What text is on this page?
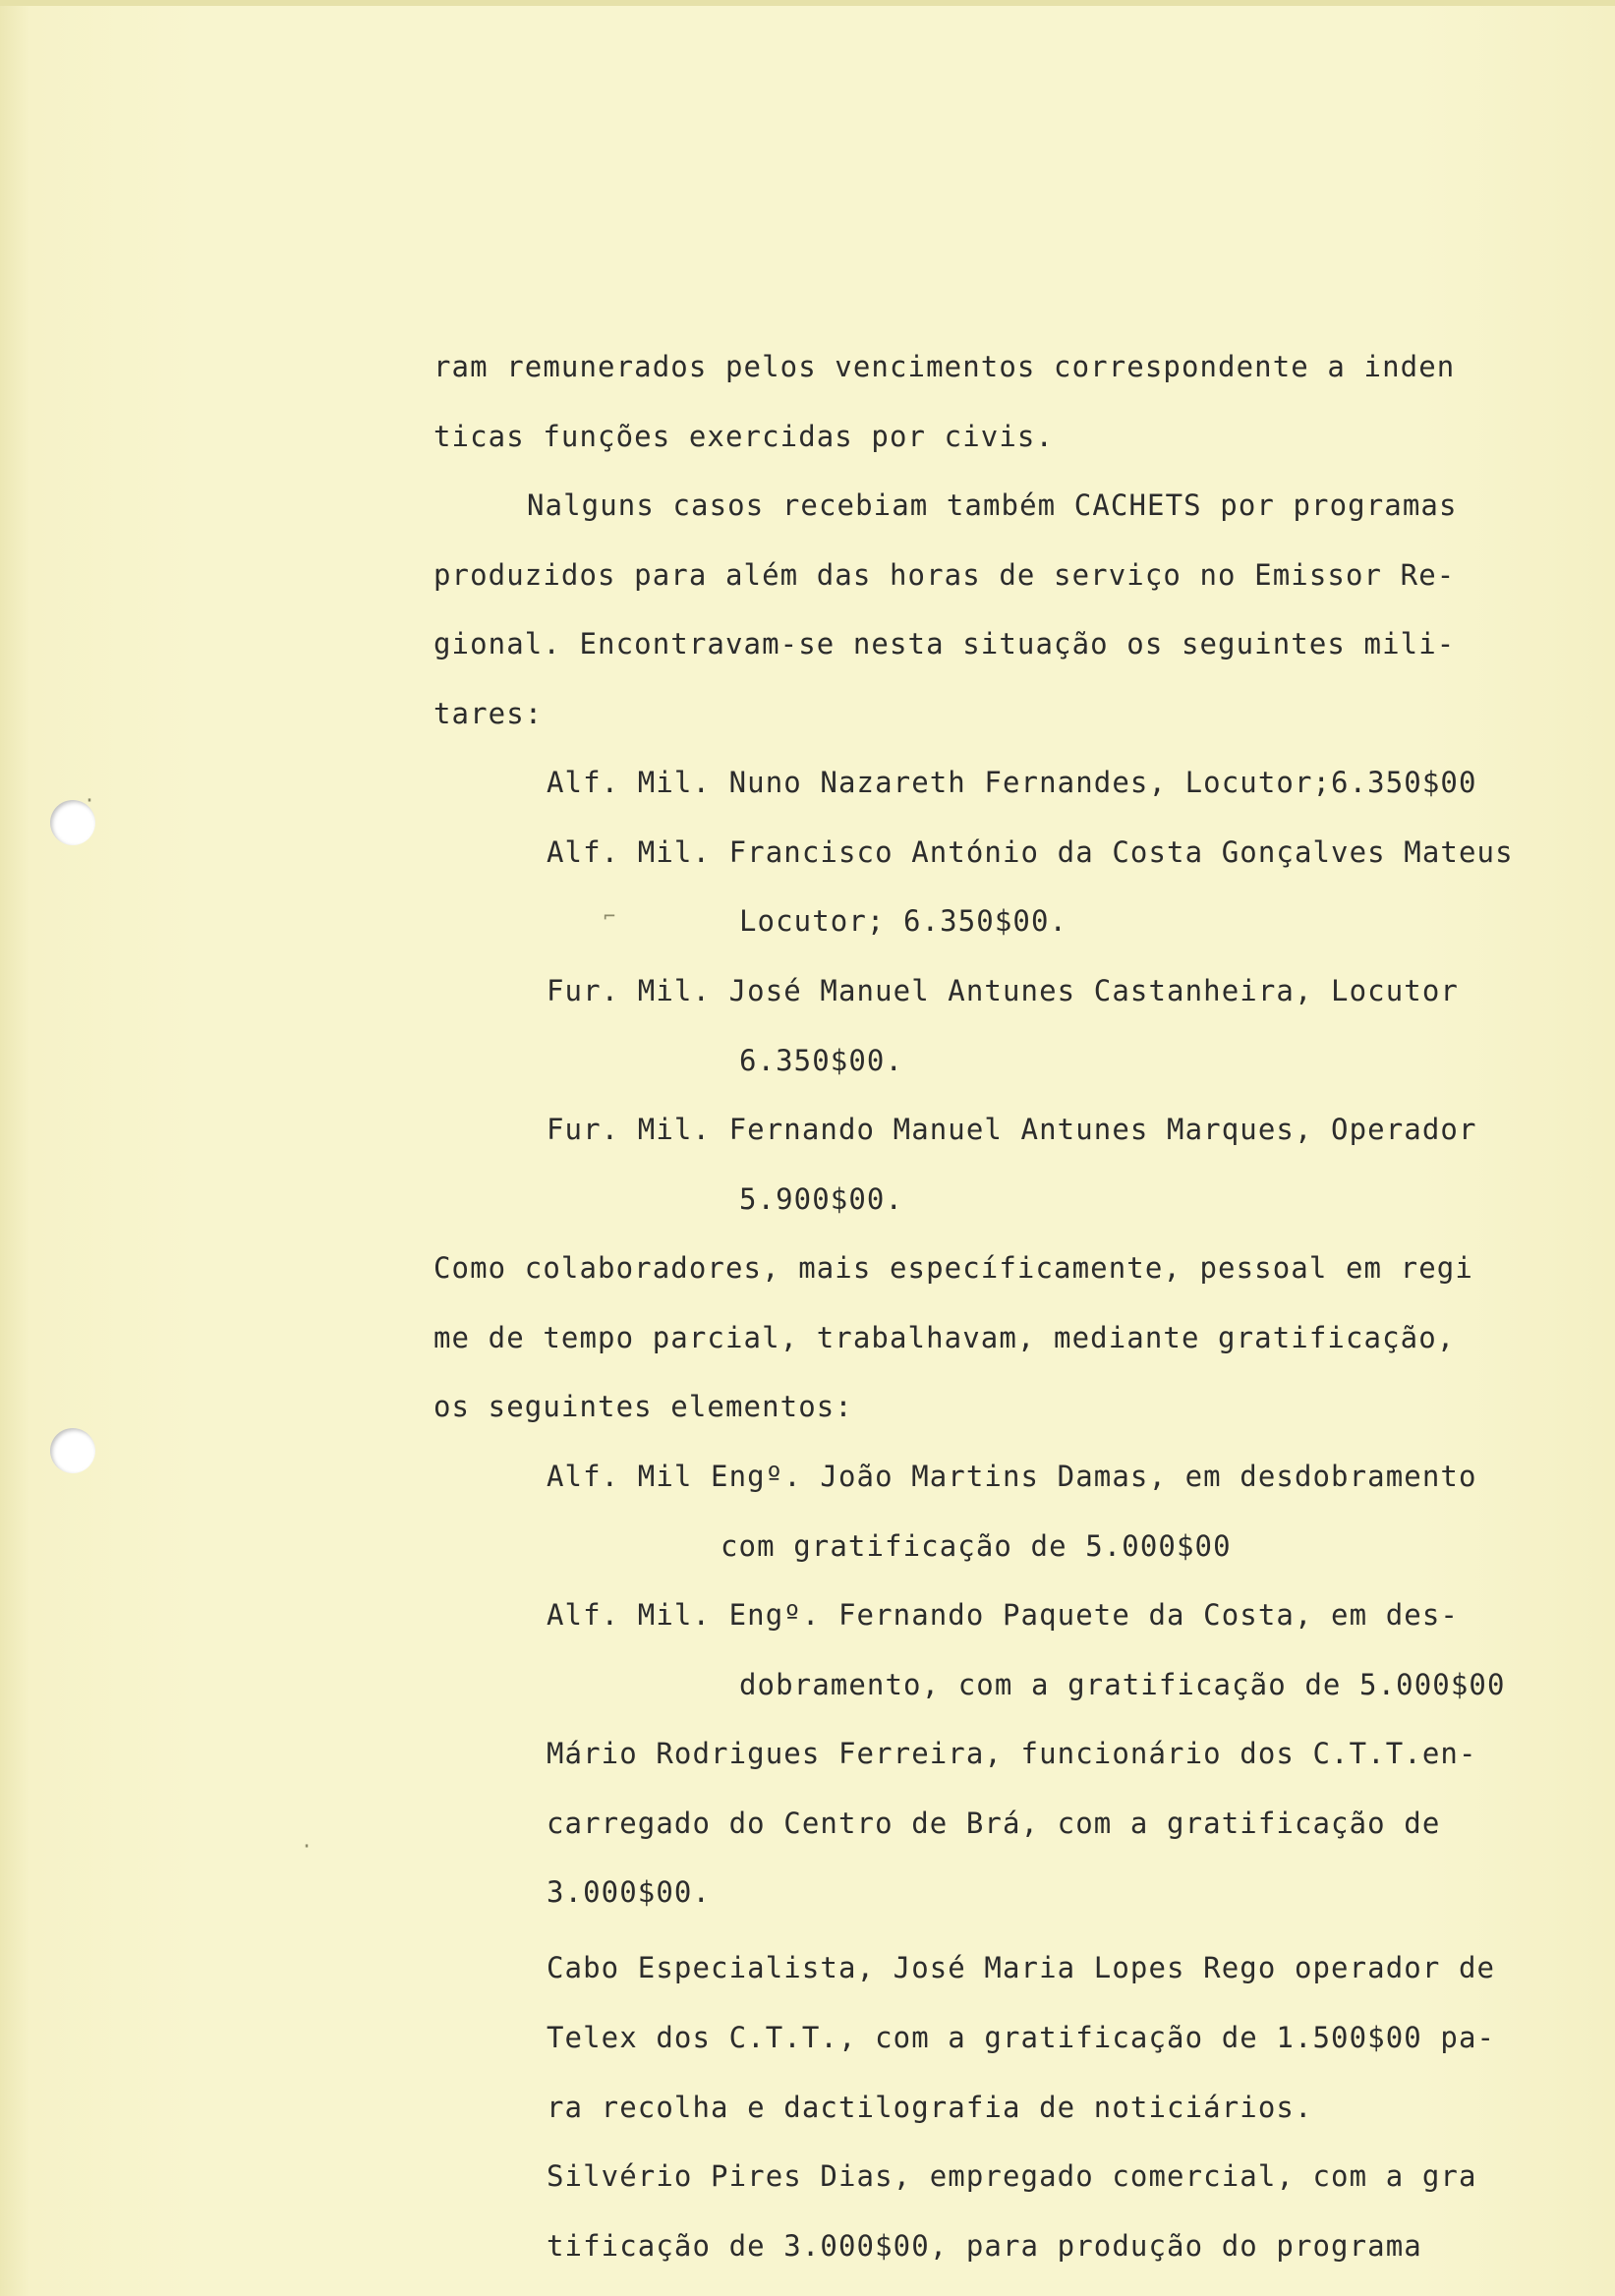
ram remunerados pelos vencimentos correspondente a inden
ticas funções exercidas por civis.
Nalguns casos recebiam também CACHETS por programas
produzidos para além das horas de serviço no Emissor Re-
gional. Encontravam-se nesta situação os seguintes mili-
tares:
Alf. Mil. Nuno Nazareth Fernandes, Locutor;6.350$00
Alf. Mil. Francisco António da Costa Gonçalves Mateus
Locutor; 6.350$00.
Fur. Mil. José Manuel Antunes Castanheira, Locutor
6.350$00.
Fur. Mil. Fernando Manuel Antunes Marques, Operador
5.900$00.
Como colaboradores, mais específicamente, pessoal em regi
me de tempo parcial, trabalhavam, mediante gratificação,
os seguintes elementos:
Alf. Mil Engº. João Martins Damas, em desdobramento
com gratificação de 5.000$00
Alf. Mil. Engº. Fernando Paquete da Costa, em des-
dobramento, com a gratificação de 5.000$00
Mário Rodrigues Ferreira, funcionário dos C.T.T.en-
carregado do Centro de Brá, com a gratificação de
3.000$00.
Cabo Especialista, José Maria Lopes Rego operador de
Telex dos C.T.T., com a gratificação de 1.500$00 pa-
ra recolha e dactilografia de noticiários.
Silvério Pires Dias, empregado comercial, com a gra
tificação de 3.000$00, para produção do programa
⌐
·
·
